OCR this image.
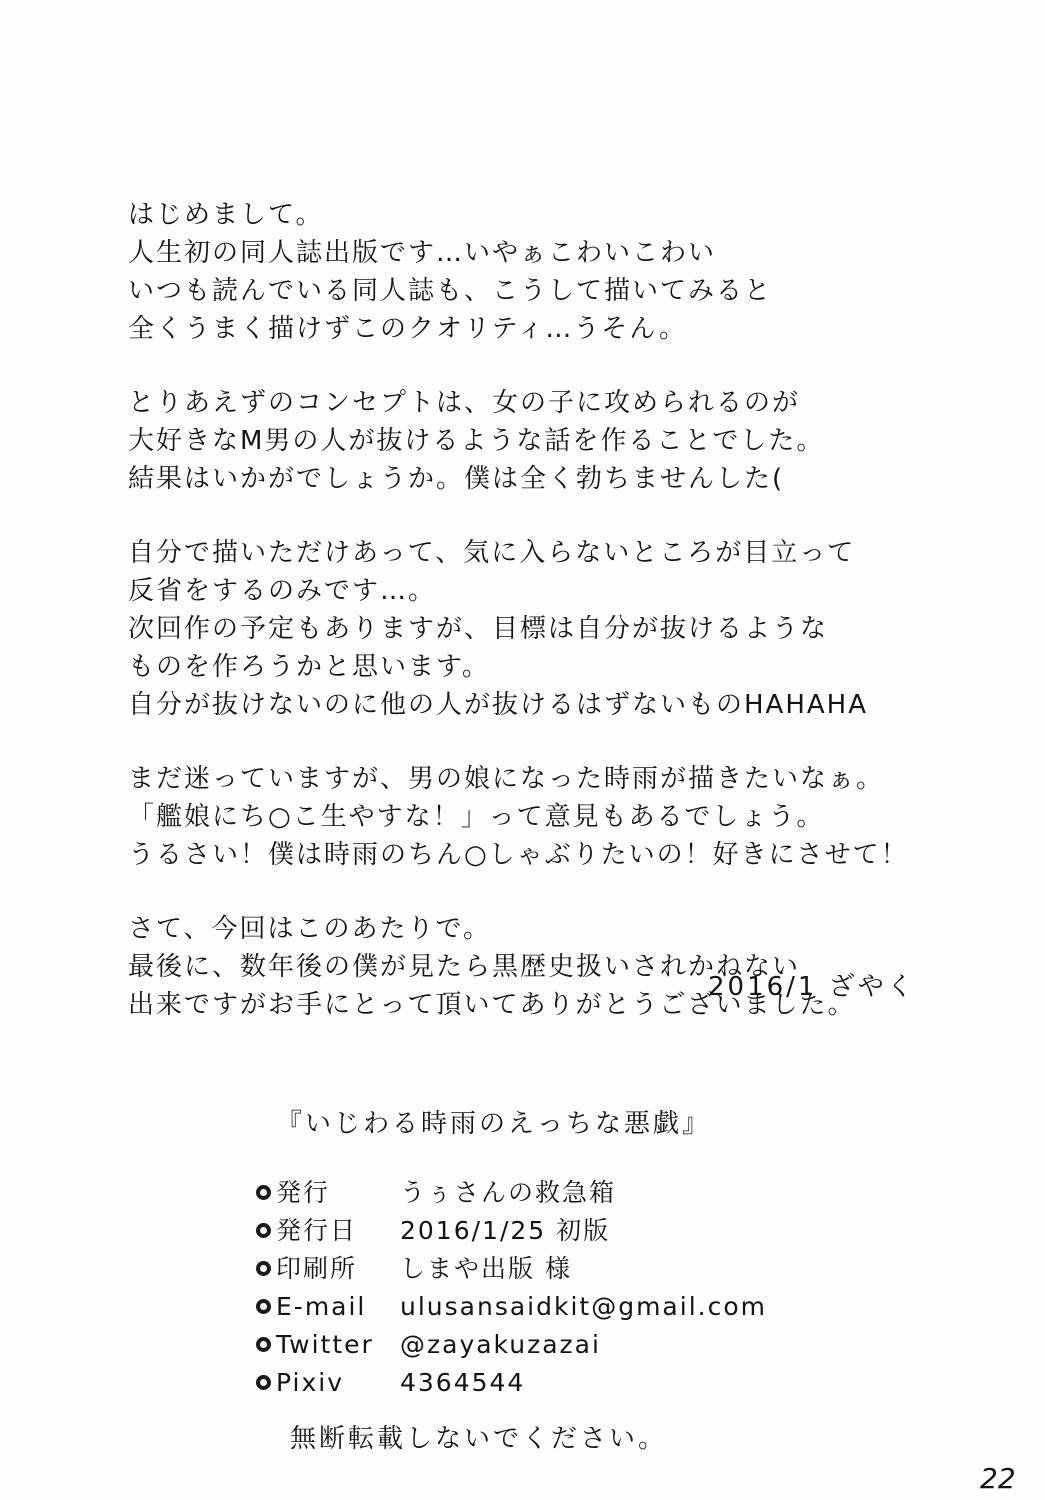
はじめまして。
人生初の同人誌出版です…いやぁこわいこわい
いつも読んでいる同人誌も、こうして描いてみると
全くうまく描けずこのクオリティ…うそん。
とりあえずのコンセプトは、女の子に攻められるのが
大好きなM男の人が抜けるような話を作ることでした。
結果はいかがでしょうか。僕は全く勃ちませんした(
自分で描いただけあって、気に入らないところが目立って
反省をするのみです…。
次回作の予定もありますが、目標は自分が抜けるような
ものを作ろうかと思います。
自分が抜けないのに他の人が抜けるはずないものHAHAHA
まだ迷っていますが、男の娘になった時雨が描きたいなぁ。
「艦娘にち○こ生やすな！」って意見もあるでしょう。
うるさい！僕は時雨のちん○しゃぶりたいの！好きにさせて！
さて、今回はこのあたりで。
最後に、数年後の僕が見たら黒歴史扱いされかねない
出来ですがお手にとって頂いてありがとうございました。
2016/1 ざやく
『いじわる時雨のえっちな悪戯』
発行	うぅさんの救急箱
発行日 2016/1/25 初版
印刷所 しまや出版 様
E-mail ulusansaidkit@gmail.com
Twitter @zayakuzazai
Pixiv 4364544
無断転載しないでください。
22
